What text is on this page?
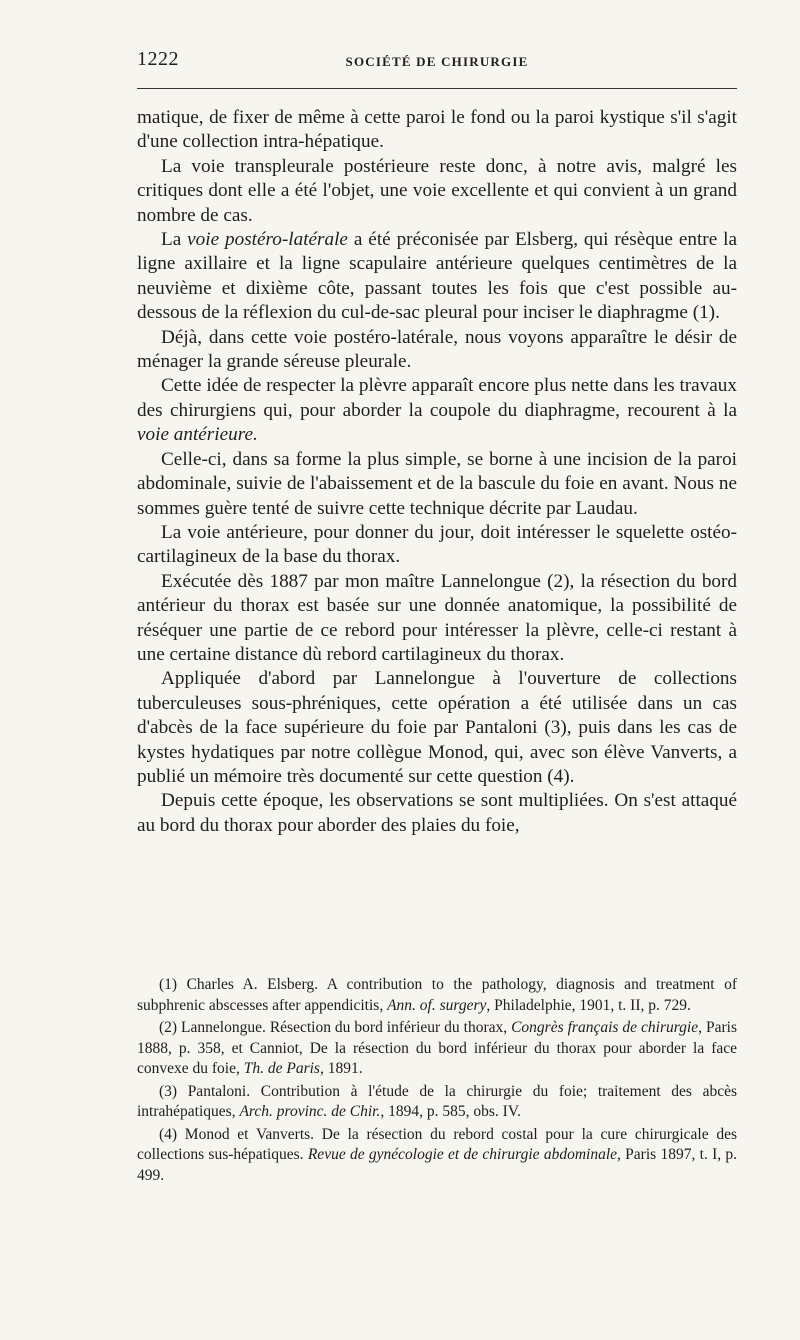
1222	SOCIÉTÉ DE CHIRURGIE

matique, de fixer de même à cette paroi le fond ou la paroi kystique s'il s'agit d'une collection intra-hépatique.

La voie transpleurale postérieure reste donc, à notre avis, malgré les critiques dont elle a été l'objet, une voie excellente et qui convient à un grand nombre de cas.

La voie postéro-latérale a été préconisée par Elsberg, qui résèque entre la ligne axillaire et la ligne scapulaire antérieure quelques centimètres de la neuvième et dixième côte, passant toutes les fois que c'est possible au-dessous de la réflexion du cul-de-sac pleural pour inciser le diaphragme (1).

Déjà, dans cette voie postéro-latérale, nous voyons apparaître le désir de ménager la grande séreuse pleurale.

Cette idée de respecter la plèvre apparaît encore plus nette dans les travaux des chirurgiens qui, pour aborder la coupole du diaphragme, recourent à la voie antérieure.

Celle-ci, dans sa forme la plus simple, se borne à une incision de la paroi abdominale, suivie de l'abaissement et de la bascule du foie en avant. Nous ne sommes guère tenté de suivre cette technique décrite par Laudau.

La voie antérieure, pour donner du jour, doit intéresser le squelette ostéo-cartilagineux de la base du thorax.

Exécutée dès 1887 par mon maître Lannelongue (2), la résection du bord antérieur du thorax est basée sur une donnée anatomique, la possibilité de réséquer une partie de ce rebord pour intéresser la plèvre, celle-ci restant à une certaine distance dù rebord cartilagineux du thorax.

Appliquée d'abord par Lannelongue à l'ouverture de collections tuberculeuses sous-phréniques, cette opération a été utilisée dans un cas d'abcès de la face supérieure du foie par Pantaloni (3), puis dans les cas de kystes hydatiques par notre collègue Monod, qui, avec son élève Vanverts, a publié un mémoire très documenté sur cette question (4).

Depuis cette époque, les observations se sont multipliées. On s'est attaqué au bord du thorax pour aborder des plaies du foie,

(1) Charles A. Elsberg. A contribution to the pathology, diagnosis and treatment of subphrenic abscesses after appendicitis, Ann. of. surgery, Philadelphie, 1901, t. II, p. 729.

(2) Lannelongue. Résection du bord inférieur du thorax, Congrès français de chirurgie, Paris 1888, p. 358, et Canniot, De la résection du bord inférieur du thorax pour aborder la face convexe du foie, Th. de Paris, 1891.

(3) Pantaloni. Contribution à l'étude de la chirurgie du foie; traitement des abcès intrahépatiques, Arch. provinc. de Chir., 1894, p. 585, obs. IV.

(4) Monod et Vanverts. De la résection du rebord costal pour la cure chirurgicale des collections sus-hépatiques. Revue de gynécologie et de chirurgie abdominale, Paris 1897, t. I, p. 499.
